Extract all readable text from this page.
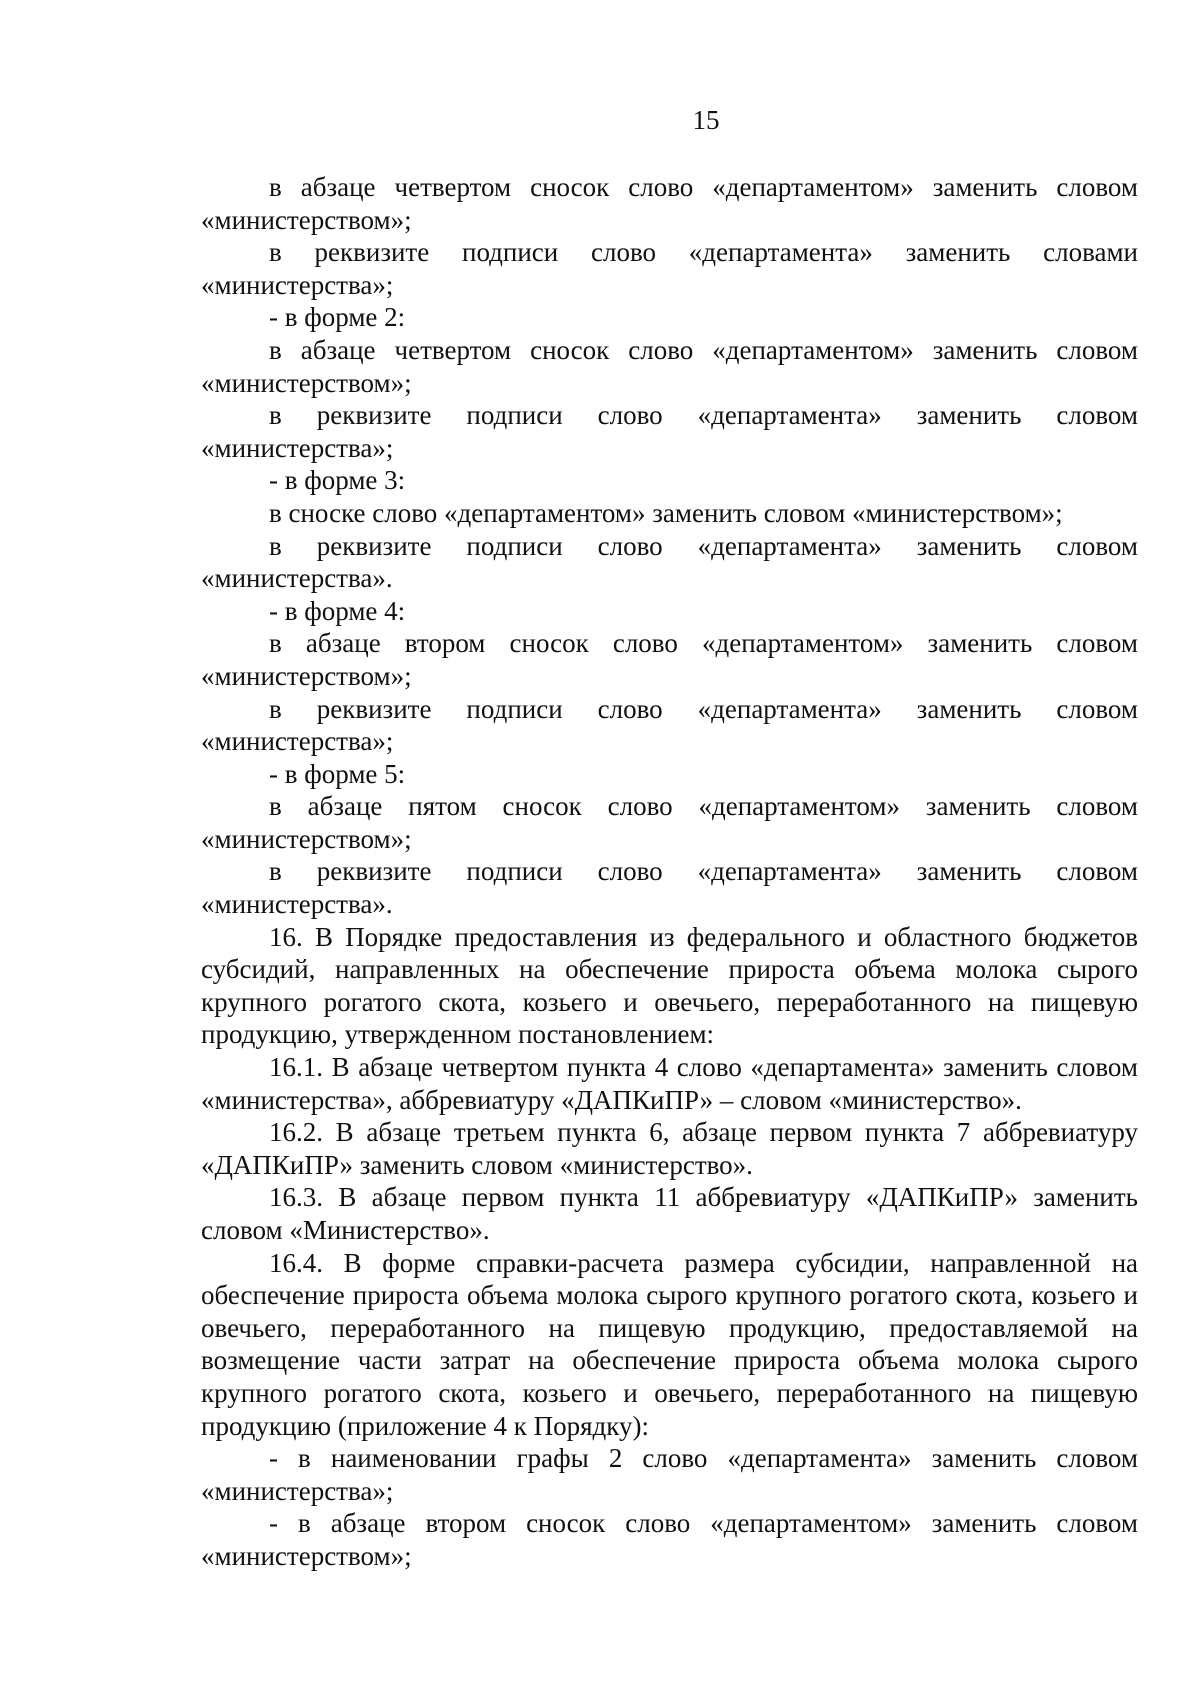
15

в абзаце четвертом сносок слово «департаментом» заменить словом «министерством»;

в реквизите подписи слово «департамента» заменить словами «министерства»;

- в форме 2:

в абзаце четвертом сносок слово «департаментом» заменить словом «министерством»;

в реквизите подписи слово «департамента» заменить словом «министерства»;

- в форме 3:

в сноске слово «департаментом» заменить словом «министерством»;

в реквизите подписи слово «департамента» заменить словом «министерства».

- в форме 4:

в абзаце втором сносок слово «департаментом» заменить словом «министерством»;

в реквизите подписи слово «департамента» заменить словом «министерства»;

- в форме 5:

в абзаце пятом сносок слово «департаментом» заменить словом «министерством»;

в реквизите подписи слово «департамента» заменить словом «министерства».

16. В Порядке предоставления из федерального и областного бюджетов субсидий, направленных на обеспечение прироста объема молока сырого крупного рогатого скота, козьего и овечьего, переработанного на пищевую продукцию, утвержденном постановлением:

16.1. В абзаце четвертом пункта 4 слово «департамента» заменить словом «министерства», аббревиатуру «ДАПКиПР» – словом «министерство».

16.2. В абзаце третьем пункта 6, абзаце первом пункта 7 аббревиатуру «ДАПКиПР» заменить словом «министерство».

16.3. В абзаце первом пункта 11 аббревиатуру «ДАПКиПР» заменить словом «Министерство».

16.4. В форме справки-расчета размера субсидии, направленной на обеспечение прироста объема молока сырого крупного рогатого скота, козьего и овечьего, переработанного на пищевую продукцию, предоставляемой на возмещение части затрат на обеспечение прироста объема молока сырого крупного рогатого скота, козьего и овечьего, переработанного на пищевую продукцию (приложение 4 к Порядку):

- в наименовании графы 2 слово «департамента» заменить словом «министерства»;

- в абзаце втором сносок слово «департаментом» заменить словом «министерством»;
